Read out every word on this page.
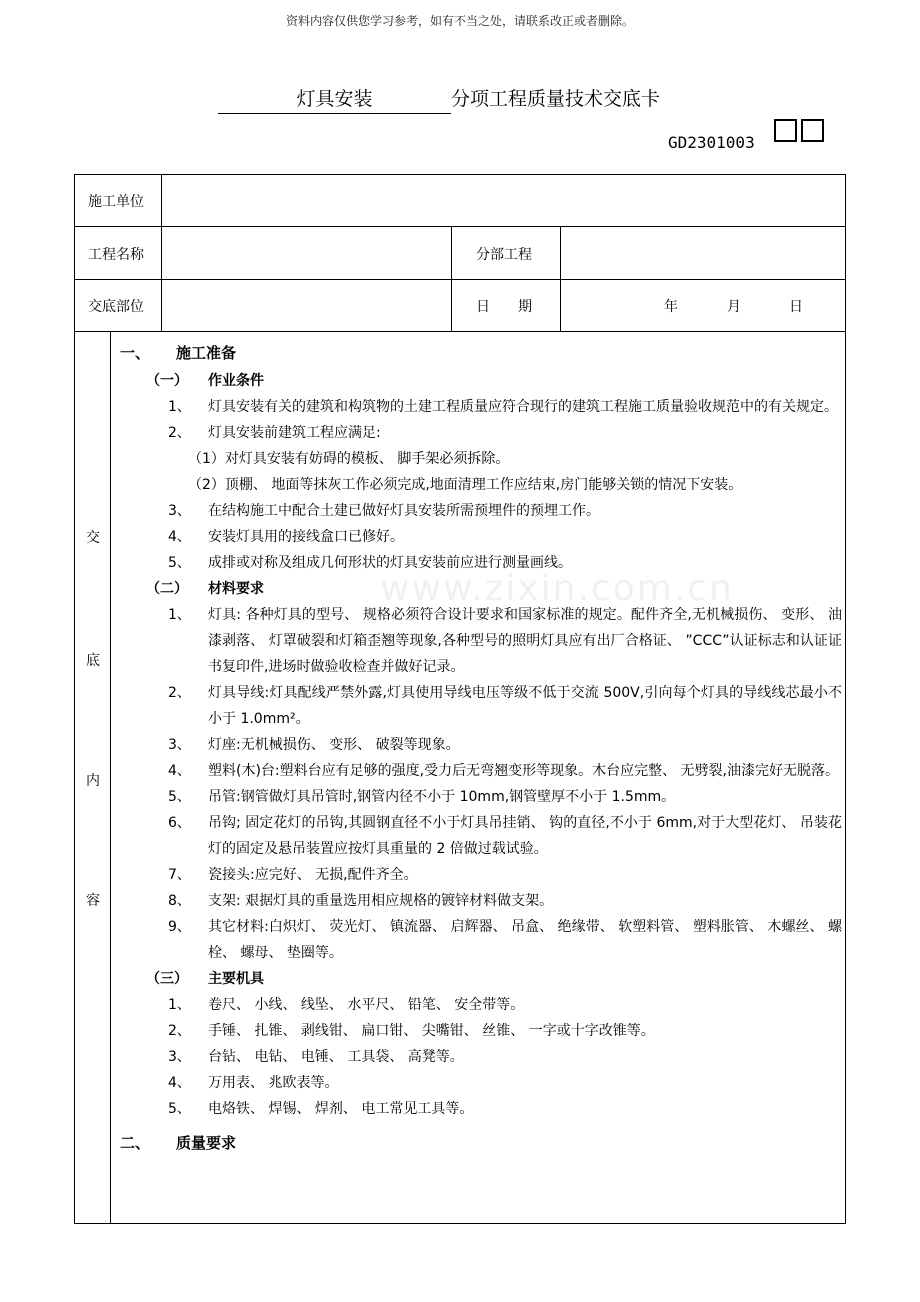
资料内容仅供您学习参考，如有不当之处，请联系改正或者删除。
灯具安装	分项工程质量技术交底卡
GD2301003
施工单位
工程名称	分部工程
交底部位	日　　期	年	月	日
交
底
内
容
www.zixin.com.cn
一、 施工准备
（一） 作业条件
1、	灯具安装有关的建筑和构筑物的土建工程质量应符合现行的建筑工程施工质量验收规范中的有关规定。
2、	灯具安装前建筑工程应满足:
（1）对灯具安装有妨碍的模板、 脚手架必须拆除。
（2）顶棚、 地面等抹灰工作必须完成,地面清理工作应结束,房门能够关锁的情况下安装。
3、	在结构施工中配合土建已做好灯具安装所需预埋件的预埋工作。
4、	安装灯具用的接线盒口已修好。
5、	成排或对称及组成几何形状的灯具安装前应进行测量画线。
（二） 材料要求
1、	灯具: 各种灯具的型号、 规格必须符合设计要求和国家标准的规定。配件齐全,无机械损伤、 变形、 油漆剥落、 灯罩破裂和灯箱歪翘等现象,各种型号的照明灯具应有出厂合格证、 ”CCC”认证标志和认证证书复印件,进场时做验收检查并做好记录。
2、	灯具导线:灯具配线严禁外露,灯具使用导线电压等级不低于交流 500V,引向每个灯具的导线线芯最小不小于 1.0mm²。
3、	灯座:无机械损伤、 变形、 破裂等现象。
4、	塑料(木)台:塑料台应有足够的强度,受力后无弯翘变形等现象。木台应完整、 无劈裂,油漆完好无脱落。
5、	吊管:钢管做灯具吊管时,钢管内径不小于 10mm,钢管壁厚不小于 1.5mm。
6、	吊钩; 固定花灯的吊钩,其圆钢直径不小于灯具吊挂销、 钩的直径,不小于 6mm,对于大型花灯、 吊装花灯的固定及悬吊装置应按灯具重量的 2 倍做过载试验。
7、	瓷接头:应完好、 无损,配件齐全。
8、	支架: 艰据灯具的重量选用相应规格的镀锌材料做支架。
9、	其它材料:白炽灯、 荧光灯、 镇流器、 启辉器、 吊盒、 绝缘带、 软塑料管、 塑料胀管、 木螺丝、 螺栓、 螺母、 垫圈等。
（三） 主要机具
1、	卷尺、 小线、 线坠、 水平尺、 铅笔、 安全带等。
2、	手锤、 扎锥、 剥线钳、 扁口钳、 尖嘴钳、 丝锥、 一字或十字改锥等。
3、	台钻、 电钻、 电锤、 工具袋、 高凳等。
4、	万用表、 兆欧表等。
5、	电烙铁、 焊锡、 焊剂、 电工常见工具等。
二、 质量要求
